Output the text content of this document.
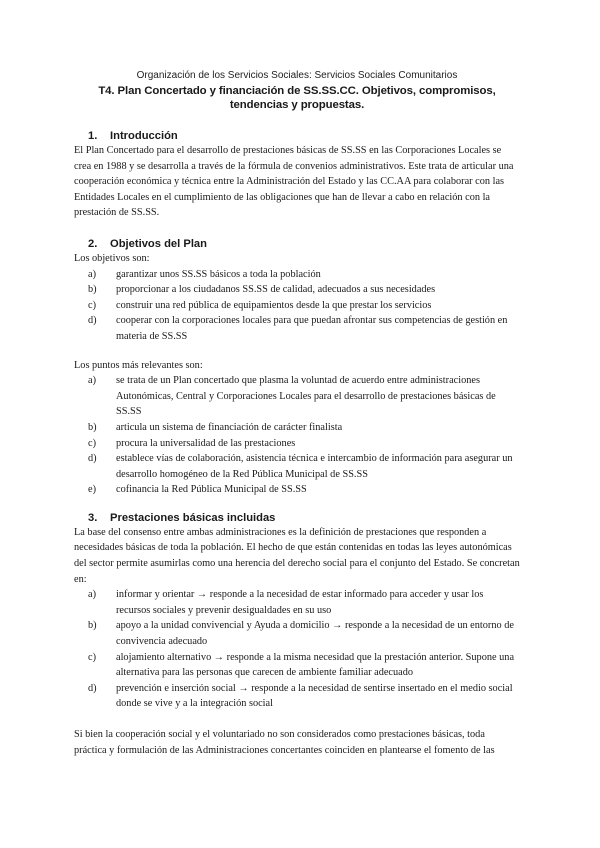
Organización de los Servicios Sociales: Servicios Sociales Comunitarios
T4. Plan Concertado y financiación de SS.SS.CC. Objetivos, compromisos, tendencias y propuestas.
1.	Introducción

El Plan Concertado para el desarrollo de prestaciones básicas de SS.SS en las Corporaciones Locales se crea en 1988 y se desarrolla a través de la fórmula de convenios administrativos. Este trata de articular una cooperación económica y técnica entre la Administración del Estado y las CC.AA para colaborar con las Entidades Locales en el cumplimiento de las obligaciones que han de llevar a cabo en relación con la prestación de SS.SS.

2.	Objetivos del Plan

Los objetivos son:

a)	garantizar unos SS.SS básicos a toda la población
b)	proporcionar a los ciudadanos SS.SS de calidad, adecuados a sus necesidades
c)	construir una red pública de equipamientos desde la que prestar los servicios
d)	cooperar con la corporaciones locales para que puedan afrontar sus competencias de gestión en materia de SS.SS

Los puntos más relevantes son:

a)	se trata de un Plan concertado que plasma la voluntad de acuerdo entre administraciones Autonómicas, Central y Corporaciones Locales para el desarrollo de prestaciones básicas de SS.SS
b)	articula un sistema de financiación de carácter finalista
c)	procura la universalidad de las prestaciones
d)	establece vías de colaboración, asistencia técnica e intercambio de información para asegurar un desarrollo homogéneo de la Red Pública Municipal de SS.SS
e)	cofinancia la Red Pública Municipal de SS.SS
3.	Prestaciones básicas incluidas

La base del consenso entre ambas administraciones es la definición de prestaciones que responden a necesidades básicas de toda la población. El hecho de que están contenidas en todas las leyes autonómicas del sector permite asumirlas como una herencia del derecho social para el conjunto del Estado. Se concretan en:

a)	informar y orientar → responde a la necesidad de estar informado para acceder y usar los recursos sociales y prevenir desigualdades en su uso
b)	apoyo a la unidad convivencial y Ayuda a domicilio → responde a la necesidad de un entorno de convivencia adecuado
c)	alojamiento alternativo → responde a la misma necesidad que la prestación anterior. Supone una alternativa para las personas que carecen de ambiente familiar adecuado
d)	prevención e inserción social → responde a la necesidad de sentirse insertado en el medio social donde se vive y a la integración social

Si bien la cooperación social y el voluntariado no son considerados como prestaciones básicas, toda práctica y formulación de las Administraciones concertantes coinciden en plantearse el fomento de las
